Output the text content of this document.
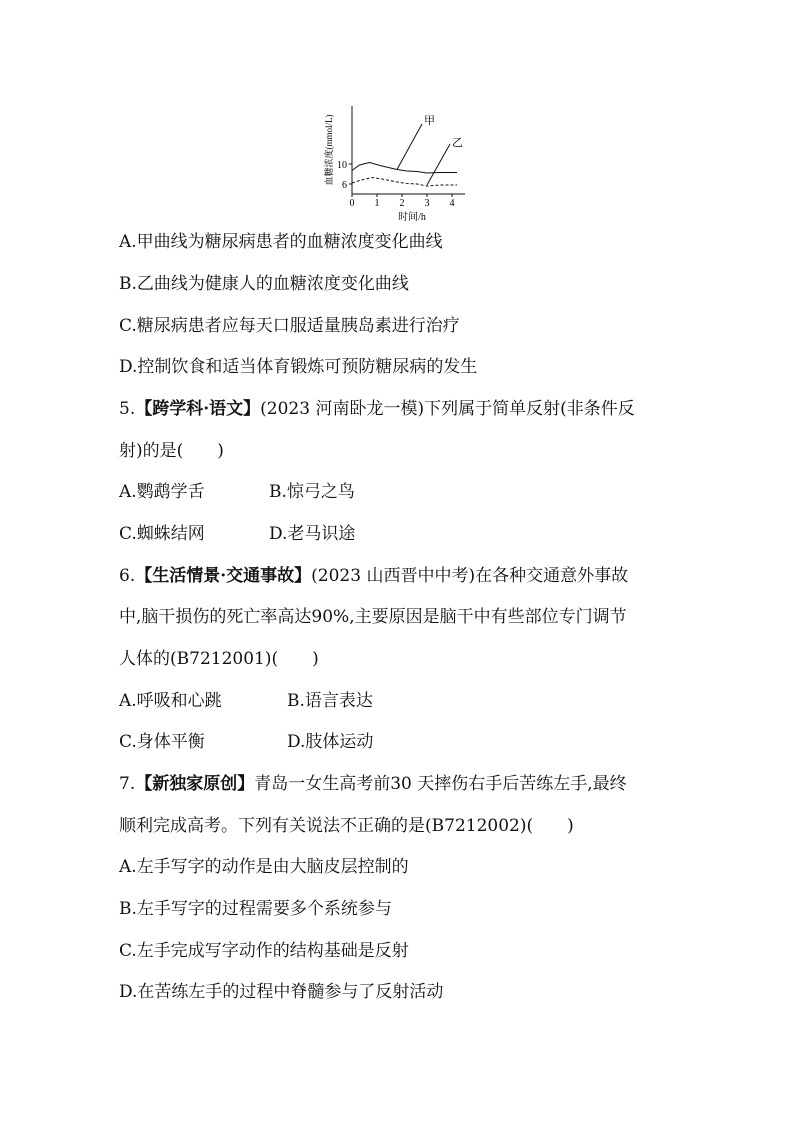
0 1 2 3 4
6
10
时间/h
血糖浓度(mmol/L)	甲
乙
A.甲曲线为糖尿病患者的血糖浓度变化曲线
B.乙曲线为健康人的血糖浓度变化曲线
C.糖尿病患者应每天口服适量胰岛素进行治疗
D.控制饮食和适当体育锻炼可预防糖尿病的发生
5.【跨学科·语文】(2023 河南卧龙一模)下列属于简单反射(非条件反
射)的是(　　)
A.鹦鹉学舌	B.惊弓之鸟
C.蜘蛛结网	D.老马识途
6.【生活情景·交通事故】(2023 山西晋中中考)在各种交通意外事故
中,脑干损伤的死亡率高达90%,主要原因是脑干中有些部位专门调节
人体的(B7212001)(　　)
A.呼吸和心跳	B.语言表达
C.身体平衡	D.肢体运动
7.【新独家原创】青岛一女生高考前30 天摔伤右手后苦练左手,最终
顺利完成高考。下列有关说法不正确的是(B7212002)(　　)
A.左手写字的动作是由大脑皮层控制的
B.左手写字的过程需要多个系统参与
C.左手完成写字动作的结构基础是反射
D.在苦练左手的过程中脊髓参与了反射活动
